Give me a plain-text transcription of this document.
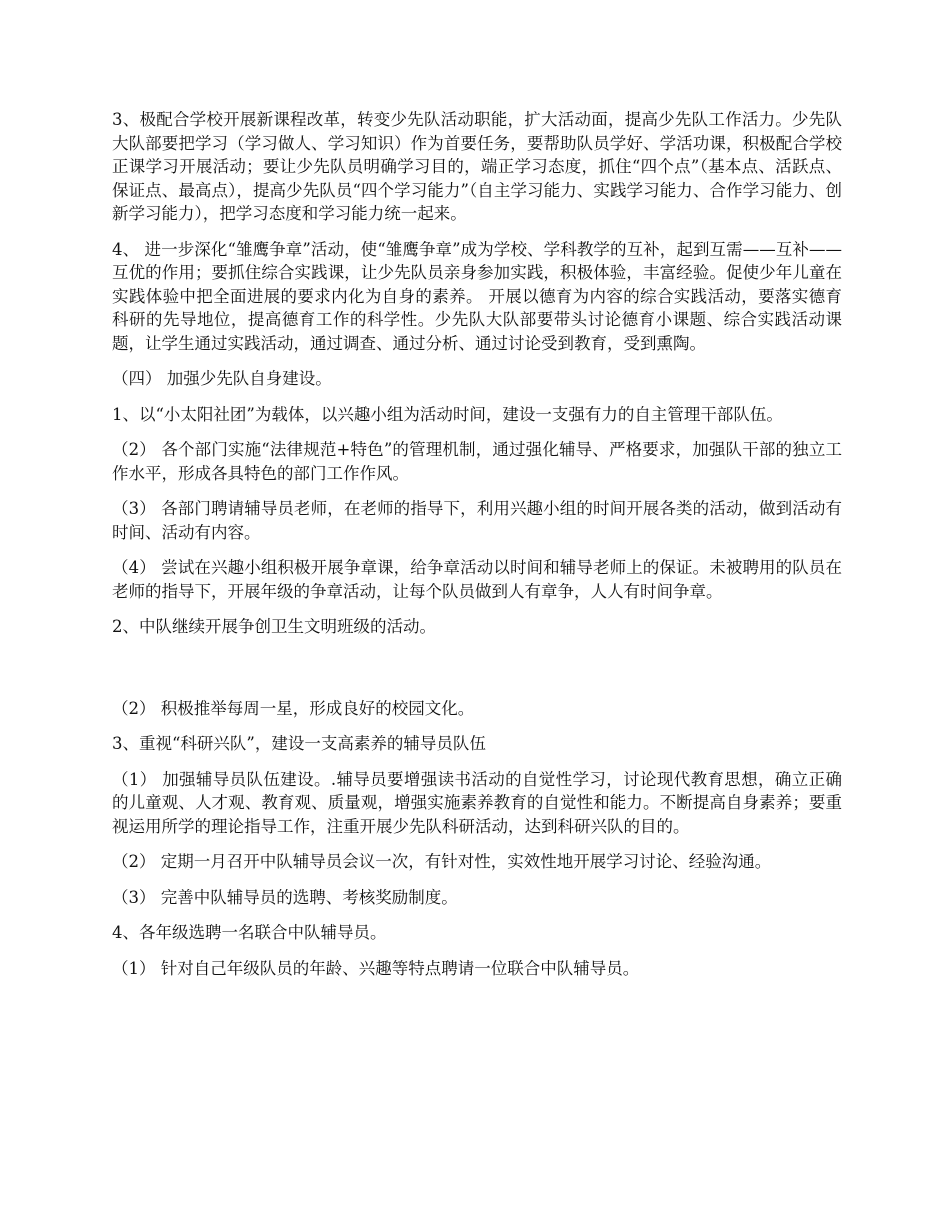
3、极配合学校开展新课程改革，转变少先队活动职能，扩大活动面，提高少先队工作活力。少先队大队部要把学习（学习做人、学习知识）作为首要任务，要帮助队员学好、学活功课，积极配合学校正课学习开展活动；要让少先队员明确学习目的，端正学习态度，抓住“四个点”（基本点、活跃点、保证点、最高点），提高少先队员“四个学习能力”（自主学习能力、实践学习能力、合作学习能力、创新学习能力），把学习态度和学习能力统一起来。

4、 进一步深化“雏鹰争章”活动，使“雏鹰争章”成为学校、学科教学的互补，起到互需——互补——互优的作用；要抓住综合实践课，让少先队员亲身参加实践，积极体验，丰富经验。促使少年儿童在实践体验中把全面进展的要求内化为自身的素养。 开展以德育为内容的综合实践活动，要落实德育科研的先导地位，提高德育工作的科学性。少先队大队部要带头讨论德育小课题、综合实践活动课题，让学生通过实践活动，通过调查、通过分析、通过讨论受到教育，受到熏陶。

（四） 加强少先队自身建设。

1、以“小太阳社团”为载体，以兴趣小组为活动时间，建设一支强有力的自主管理干部队伍。

（2） 各个部门实施“法律规范+特色”的管理机制，通过强化辅导、严格要求，加强队干部的独立工作水平，形成各具特色的部门工作作风。

（3） 各部门聘请辅导员老师，在老师的指导下，利用兴趣小组的时间开展各类的活动，做到活动有时间、活动有内容。

（4） 尝试在兴趣小组积极开展争章课，给争章活动以时间和辅导老师上的保证。未被聘用的队员在老师的指导下，开展年级的争章活动，让每个队员做到人有章争，人人有时间争章。

2、中队继续开展争创卫生文明班级的活动。

（2） 积极推举每周一星，形成良好的校园文化。

3、重视“科研兴队”，建设一支高素养的辅导员队伍

（1） 加强辅导员队伍建设。.辅导员要增强读书活动的自觉性学习，讨论现代教育思想，确立正确的儿童观、人才观、教育观、质量观，增强实施素养教育的自觉性和能力。不断提高自身素养；要重视运用所学的理论指导工作，注重开展少先队科研活动，达到科研兴队的目的。

（2） 定期一月召开中队辅导员会议一次，有针对性，实效性地开展学习讨论、经验沟通。

（3） 完善中队辅导员的选聘、考核奖励制度。

4、各年级选聘一名联合中队辅导员。

（1） 针对自己年级队员的年龄、兴趣等特点聘请一位联合中队辅导员。
